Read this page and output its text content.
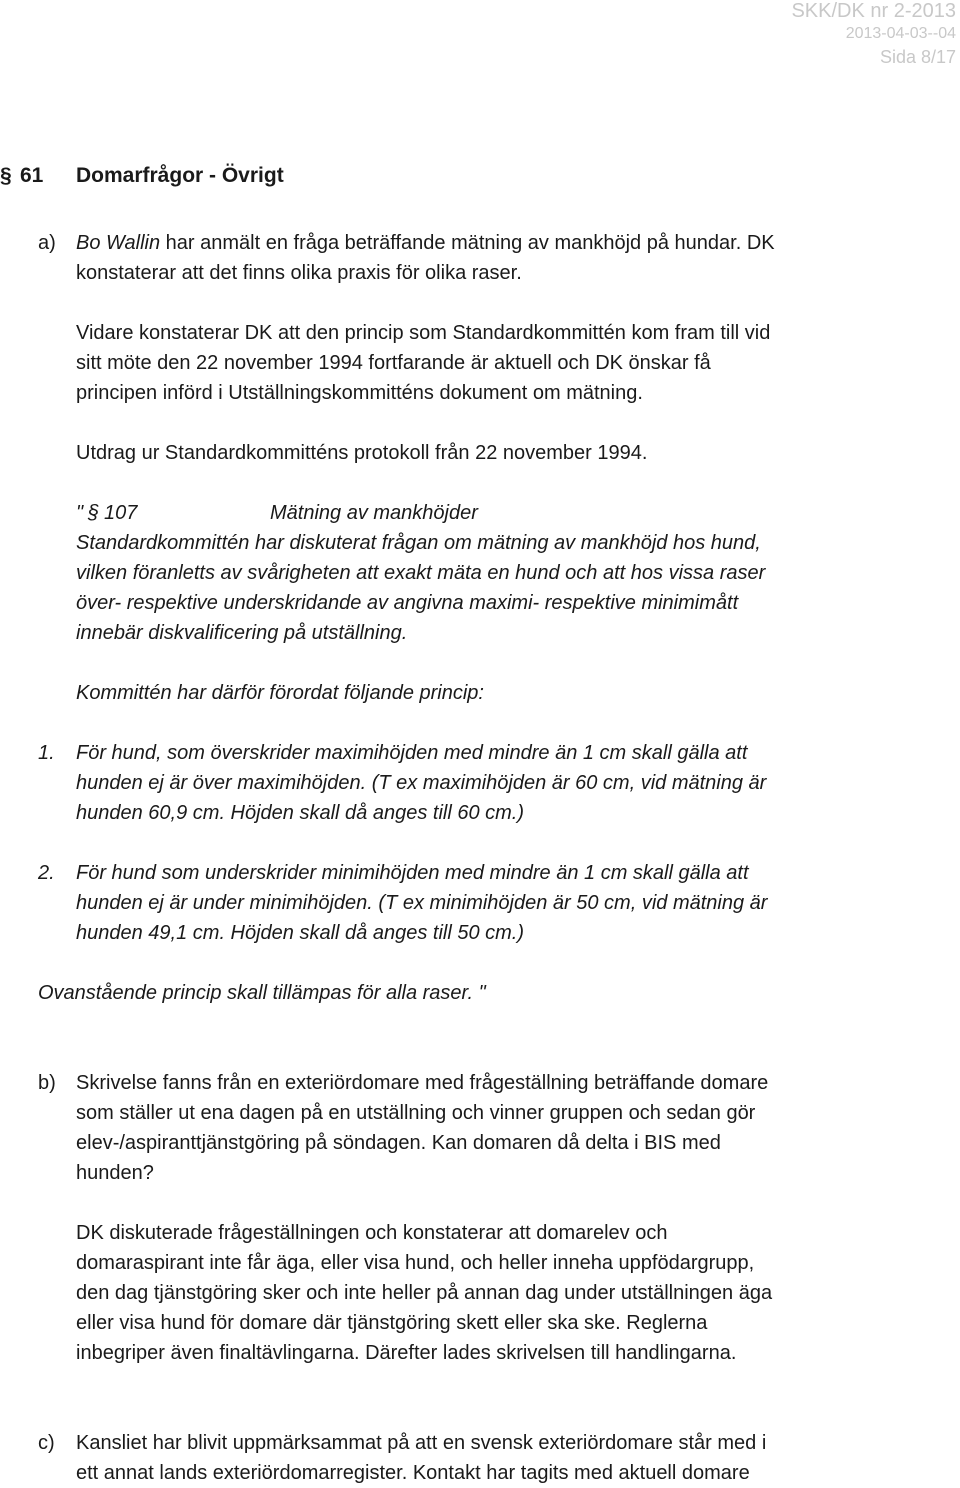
SKK/DK nr 2-2013
2013-04-03--04
Sida 8/17
§ 61 Domarfrågor - Övrigt
a) Bo Wallin har anmält en fråga beträffande mätning av mankhöjd på hundar. DK

konstaterar att det finns olika praxis för olika raser.

Vidare konstaterar DK att den princip som Standardkommittén kom fram till vid

sitt möte den 22 november 1994 fortfarande är aktuell och DK önskar få

principen införd i Utställningskommitténs dokument om mätning.

Utdrag ur Standardkommitténs protokoll från 22 november 1994.

" § 107	Mätning av mankhöjder

Standardkommittén har diskuterat frågan om mätning av mankhöjd hos hund,

vilken föranletts av svårigheten att exakt mäta en hund och att hos vissa raser

över- respektive underskridande av angivna maximi- respektive minimimått

innebär diskvalificering på utställning.

Kommittén har därför förordat följande princip:

1. För hund, som överskrider maximihöjden med mindre än 1 cm skall gälla att

hunden ej är över maximihöjden. (T ex maximihöjden är 60 cm, vid mätning är

hunden 60,9 cm. Höjden skall då anges till 60 cm.)

2. För hund som underskrider minimihöjden med mindre än 1 cm skall gälla att

hunden ej är under minimihöjden. (T ex minimihöjden är 50 cm, vid mätning är

hunden 49,1 cm. Höjden skall då anges till 50 cm.)

Ovanstående princip skall tillämpas för alla raser. "

b) Skrivelse fanns från en exteriördomare med frågeställning beträffande domare

som ställer ut ena dagen på en utställning och vinner gruppen och sedan gör

elev-/aspiranttjänstgöring på söndagen. Kan domaren då delta i BIS med

hunden?

DK diskuterade frågeställningen och konstaterar att domarelev och

domaraspirant inte får äga, eller visa hund, och heller inneha uppfödargrupp,

den dag tjänstgöring sker och inte heller på annan dag under utställningen äga

eller visa hund för domare där tjänstgöring skett eller ska ske. Reglerna

inbegriper även finaltävlingarna. Därefter lades skrivelsen till handlingarna.

c) Kansliet har blivit uppmärksammat på att en svensk exteriördomare står med i

ett annat lands exteriördomarregister. Kontakt har tagits med aktuell domare
